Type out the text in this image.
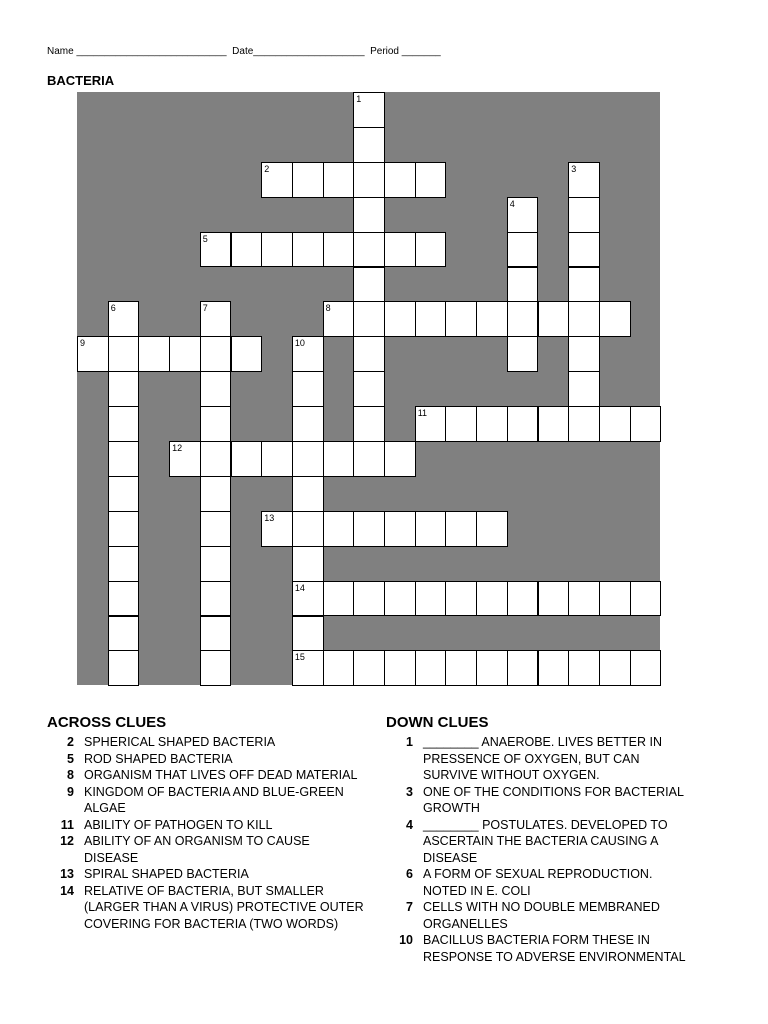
Name ___________________________  Date____________________  Period _______
BACTERIA
1
2	3
4
5
6	7	8
9	10
11
12
13
14
15
ACROSS CLUES
2 SPHERICAL SHAPED BACTERIA
5 ROD SHAPED BACTERIA
8 ORGANISM THAT LIVES OFF DEAD MATERIAL
9 KINGDOM OF BACTERIA AND BLUE-GREEN ALGAE
11 ABILITY OF PATHOGEN TO KILL
12 ABILITY OF AN ORGANISM TO CAUSE DISEASE
13 SPIRAL SHAPED BACTERIA
14 RELATIVE OF BACTERIA, BUT SMALLER (LARGER THAN A VIRUS) PROTECTIVE OUTER COVERING FOR BACTERIA (TWO WORDS)
DOWN CLUES
1 ________ ANAEROBE. LIVES BETTER IN PRESSENCE OF OXYGEN, BUT CAN SURVIVE WITHOUT OXYGEN.
3 ONE OF THE CONDITIONS FOR BACTERIAL GROWTH
4 ________ POSTULATES. DEVELOPED TO ASCERTAIN THE BACTERIA CAUSING A DISEASE
6 A FORM OF SEXUAL REPRODUCTION. NOTED IN E. COLI
7 CELLS WITH NO DOUBLE MEMBRANED ORGANELLES
10 BACILLUS BACTERIA FORM THESE IN RESPONSE TO ADVERSE ENVIRONMENTAL
